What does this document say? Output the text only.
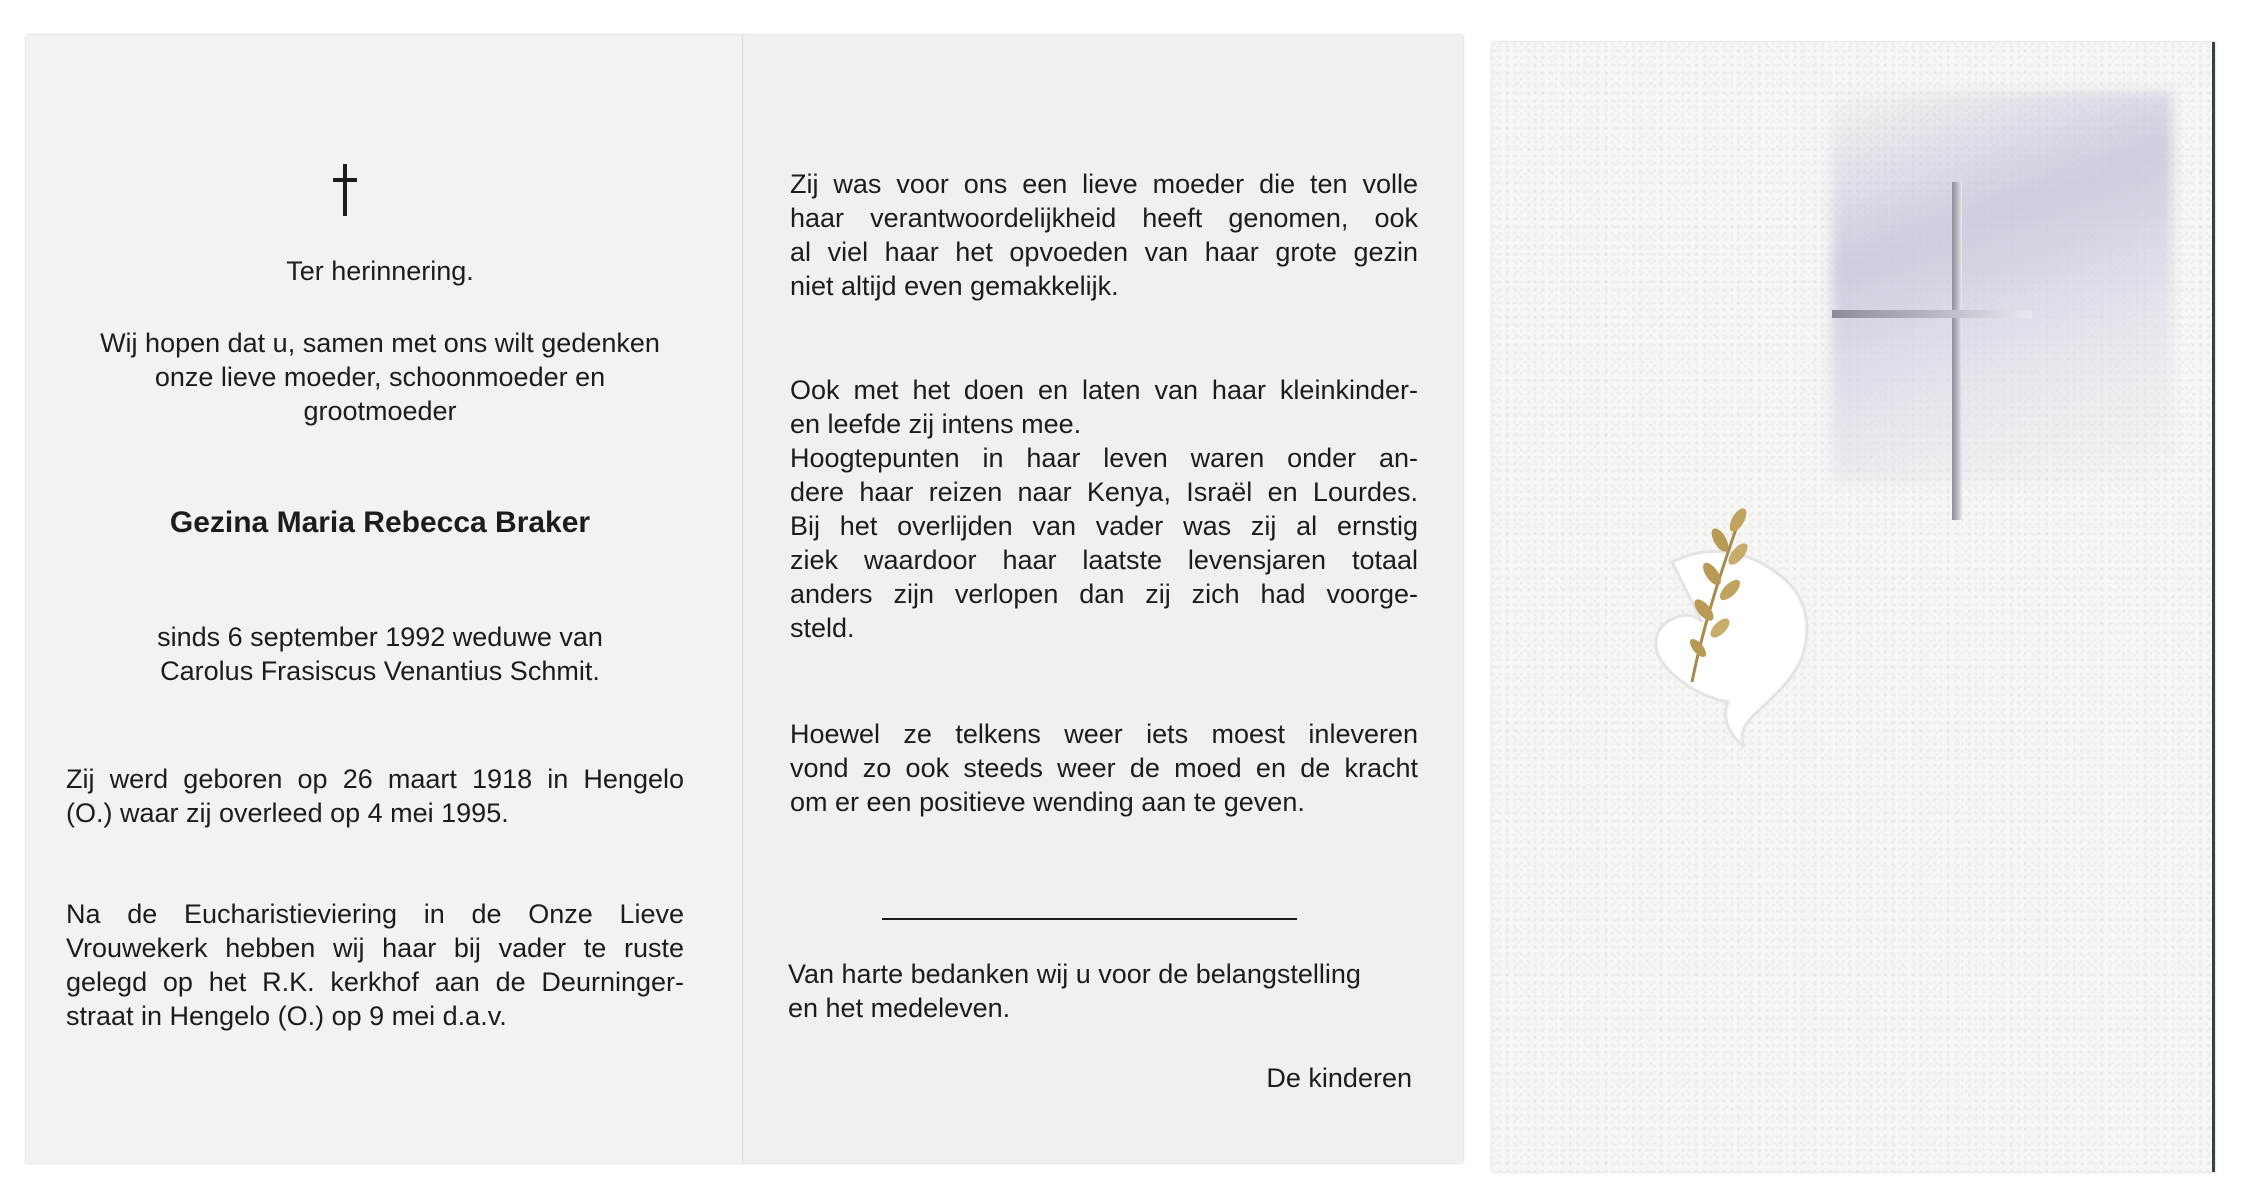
Ter herinnering.
Wij hopen dat u, samen met ons wilt gedenken
onze lieve moeder, schoonmoeder en
grootmoeder
Gezina Maria Rebecca Braker
sinds 6 september 1992 weduwe van
Carolus Frasiscus Venantius Schmit.
Zij werd geboren op 26 maart 1918 in Hengelo
(O.) waar zij overleed op 4 mei 1995.
Na de Eucharistieviering in de Onze Lieve
Vrouwekerk hebben wij haar bij vader te ruste
gelegd op het R.K. kerkhof aan de Deurninger-
straat in Hengelo (O.) op 9 mei d.a.v.
Zij was voor ons een lieve moeder die ten volle
haar verantwoordelijkheid heeft genomen, ook
al viel haar het opvoeden van haar grote gezin
niet altijd even gemakkelijk.
Ook met het doen en laten van haar kleinkinder-
en leefde zij intens mee.
Hoogtepunten in haar leven waren onder an-
dere haar reizen naar Kenya, Israël en Lourdes.
Bij het overlijden van vader was zij al ernstig
ziek waardoor haar laatste levensjaren totaal
anders zijn verlopen dan zij zich had voorge-
steld.
Hoewel ze telkens weer iets moest inleveren
vond zo ook steeds weer de moed en de kracht
om er een positieve wending aan te geven.
Van harte bedanken wij u voor de belangstelling
en het medeleven.
De kinderen
